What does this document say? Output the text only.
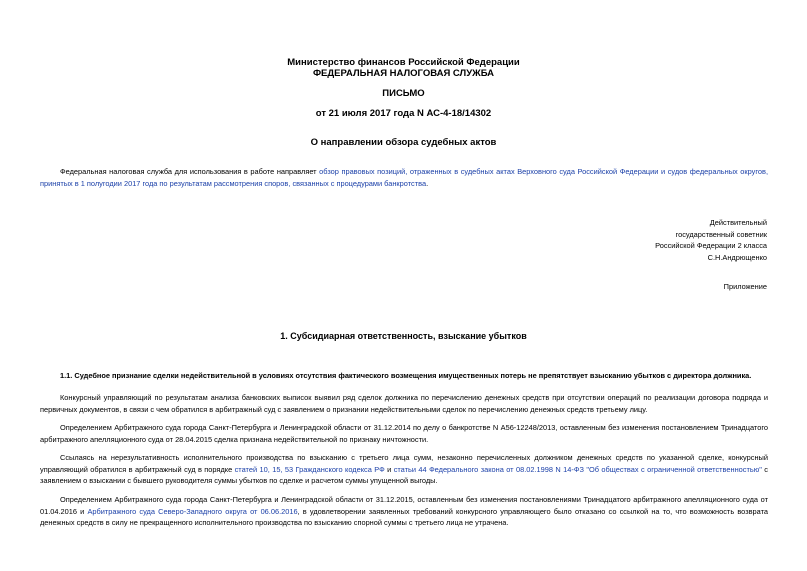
Министерство финансов Российской Федерации
ФЕДЕРАЛЬНАЯ НАЛОГОВАЯ СЛУЖБА
ПИСЬМО
от 21 июля 2017 года N АС-4-18/14302
О направлении обзора судебных актов

Федеральная налоговая служба для использования в работе направляет обзор правовых позиций, отраженных в судебных актах Верховного суда Российской Федерации и судов федеральных округов, принятых в 1 полугодии 2017 года по результатам рассмотрения споров, связанных с процедурами банкротства.

Действительный
государственный советник
Российской Федерации 2 класса
С.Н.Андрющенко
Приложение
1. Субсидиарная ответственность, взыскание убытков

1.1. Судебное признание сделки недействительной в условиях отсутствия фактического возмещения имущественных потерь не препятствует взысканию убытков с директора должника.

Конкурсный управляющий по результатам анализа банковских выписок выявил ряд сделок должника по перечислению денежных средств при отсутствии операций по реализации договора подряда и первичных документов, в связи с чем обратился в арбитражный суд с заявлением о признании недействительными сделок по перечислению денежных средств третьему лицу.

Определением Арбитражного суда города Санкт-Петербурга и Ленинградской области от 31.12.2014 по делу о банкротстве N А56-12248/2013, оставленным без изменения постановлением Тринадцатого арбитражного апелляционного суда от 28.04.2015 сделка признана недействительной по признаку ничтожности.

Ссылаясь на нерезультативность исполнительного производства по взысканию с третьего лица сумм, незаконно перечисленных должником денежных средств по указанной сделке, конкурсный управляющий обратился в арбитражный суд в порядке статей 10, 15, 53 Гражданского кодекса РФ и статьи 44 Федерального закона от 08.02.1998 N 14-ФЗ "Об обществах с ограниченной ответственностью" с заявлением о взыскании с бывшего руководителя суммы убытков по сделке и расчетом суммы упущенной выгоды.

Определением Арбитражного суда города Санкт-Петербурга и Ленинградской области от 31.12.2015, оставленным без изменения постановлениями Тринадцатого арбитражного апелляционного суда от 01.04.2016 и Арбитражного суда Северо-Западного округа от 06.06.2016, в удовлетворении заявленных требований конкурсного управляющего было отказано со ссылкой на то, что возможность возврата денежных средств в силу не прекращенного исполнительного производства по взысканию спорной суммы с третьего лица не утрачена.
